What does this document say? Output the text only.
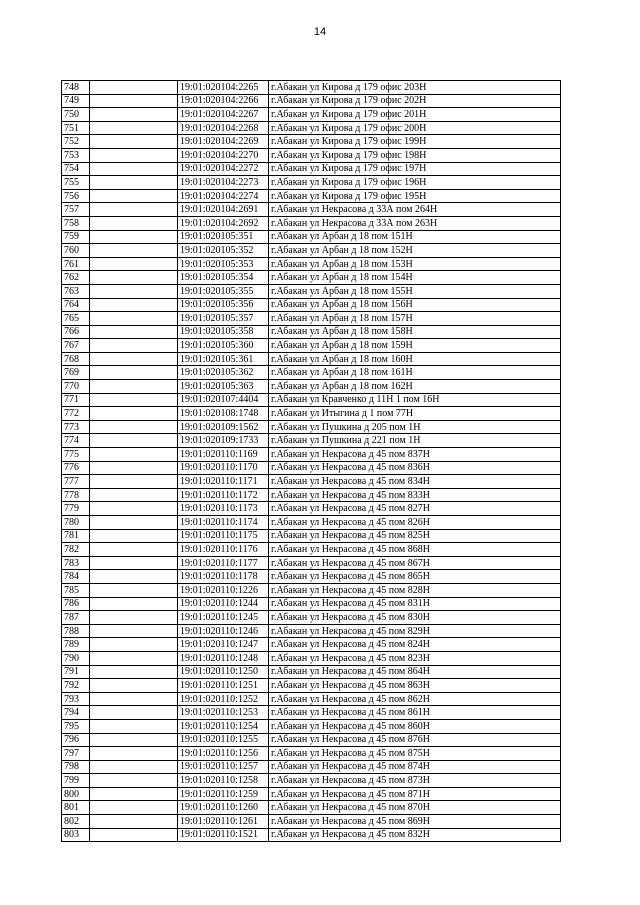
14
748		19:01:020104:2265	г.Абакан ул Кирова д 179 офис 203Н
749		19:01:020104:2266	г.Абакан ул Кирова д 179 офис 202Н
750		19:01:020104:2267	г.Абакан ул Кирова д 179 офис 201Н
751		19:01:020104:2268	г.Абакан ул Кирова д 179 офис 200Н
752		19:01:020104:2269	г.Абакан ул Кирова д 179 офис 199Н
753		19:01:020104:2270	г.Абакан ул Кирова д 179 офис 198Н
754		19:01:020104:2272	г.Абакан ул Кирова д 179 офис 197Н
755		19:01:020104:2273	г.Абакан ул Кирова д 179 офис 196Н
756		19:01:020104:2274	г.Абакан ул Кирова д 179 офис 195Н
757		19:01:020104:2691	г.Абакан ул Некрасова д 33А пом 264Н
758		19:01:020104:2692	г.Абакан ул Некрасова д 33А пом 263Н
759		19:01:020105:351	г.Абакан ул Арбан д 18 пом 151Н
760		19:01:020105:352	г.Абакан ул Арбан д 18 пом 152Н
761		19:01:020105:353	г.Абакан ул Арбан д 18 пом 153Н
762		19:01:020105:354	г.Абакан ул Арбан д 18 пом 154Н
763		19:01:020105:355	г.Абакан ул Арбан д 18 пом 155Н
764		19:01:020105:356	г.Абакан ул Арбан д 18 пом 156Н
765		19:01:020105:357	г.Абакан ул Арбан д 18 пом 157Н
766		19:01:020105:358	г.Абакан ул Арбан д 18 пом 158Н
767		19:01:020105:360	г.Абакан ул Арбан д 18 пом 159Н
768		19:01:020105:361	г.Абакан ул Арбан д 18 пом 160Н
769		19:01:020105:362	г.Абакан ул Арбан д 18 пом 161Н
770		19:01:020105:363	г.Абакан ул Арбан д 18 пом 162Н
771		19:01:020107:4404	г.Абакан ул Кравченко д 11Н 1 пом 16Н
772		19:01:020108:1748	г.Абакан ул Итыгина д 1 пом 77Н
773		19:01:020109:1562	г.Абакан ул Пушкина д 205 пом 1Н
774		19:01:020109:1733	г.Абакан ул Пушкина д 221 пом 1Н
775		19:01:020110:1169	г.Абакан ул Некрасова д 45 пом 837Н
776		19:01:020110:1170	г.Абакан ул Некрасова д 45 пом 836Н
777		19:01:020110:1171	г.Абакан ул Некрасова д 45 пом 834Н
778		19:01:020110:1172	г.Абакан ул Некрасова д 45 пом 833Н
779		19:01:020110:1173	г.Абакан ул Некрасова д 45 пом 827Н
780		19:01:020110:1174	г.Абакан ул Некрасова д 45 пом 826Н
781		19:01:020110:1175	г.Абакан ул Некрасова д 45 пом 825Н
782		19:01:020110:1176	г.Абакан ул Некрасова д 45 пом 868Н
783		19:01:020110:1177	г.Абакан ул Некрасова д 45 пом 867Н
784		19:01:020110:1178	г.Абакан ул Некрасова д 45 пом 865Н
785		19:01:020110:1226	г.Абакан ул Некрасова д 45 пом 828Н
786		19:01:020110:1244	г.Абакан ул Некрасова д 45 пом 831Н
787		19:01:020110:1245	г.Абакан ул Некрасова д 45 пом 830Н
788		19:01:020110:1246	г.Абакан ул Некрасова д 45 пом 829Н
789		19:01:020110:1247	г.Абакан ул Некрасова д 45 пом 824Н
790		19:01:020110:1248	г.Абакан ул Некрасова д 45 пом 823Н
791		19:01:020110:1250	г.Абакан ул Некрасова д 45 пом 864Н
792		19:01:020110:1251	г.Абакан ул Некрасова д 45 пом 863Н
793		19:01:020110:1252	г.Абакан ул Некрасова д 45 пом 862Н
794		19:01:020110:1253	г.Абакан ул Некрасова д 45 пом 861Н
795		19:01:020110:1254	г.Абакан ул Некрасова д 45 пом 860Н
796		19:01:020110:1255	г.Абакан ул Некрасова д 45 пом 876Н
797		19:01:020110:1256	г.Абакан ул Некрасова д 45 пом 875Н
798		19:01:020110:1257	г.Абакан ул Некрасова д 45 пом 874Н
799		19:01:020110:1258	г.Абакан ул Некрасова д 45 пом 873Н
800		19:01:020110:1259	г.Абакан ул Некрасова д 45 пом 871Н
801		19:01:020110:1260	г.Абакан ул Некрасова д 45 пом 870Н
802		19:01:020110:1261	г.Абакан ул Некрасова д 45 пом 869Н
803		19:01:020110:1521	г.Абакан ул Некрасова д 45 пом 832Н
